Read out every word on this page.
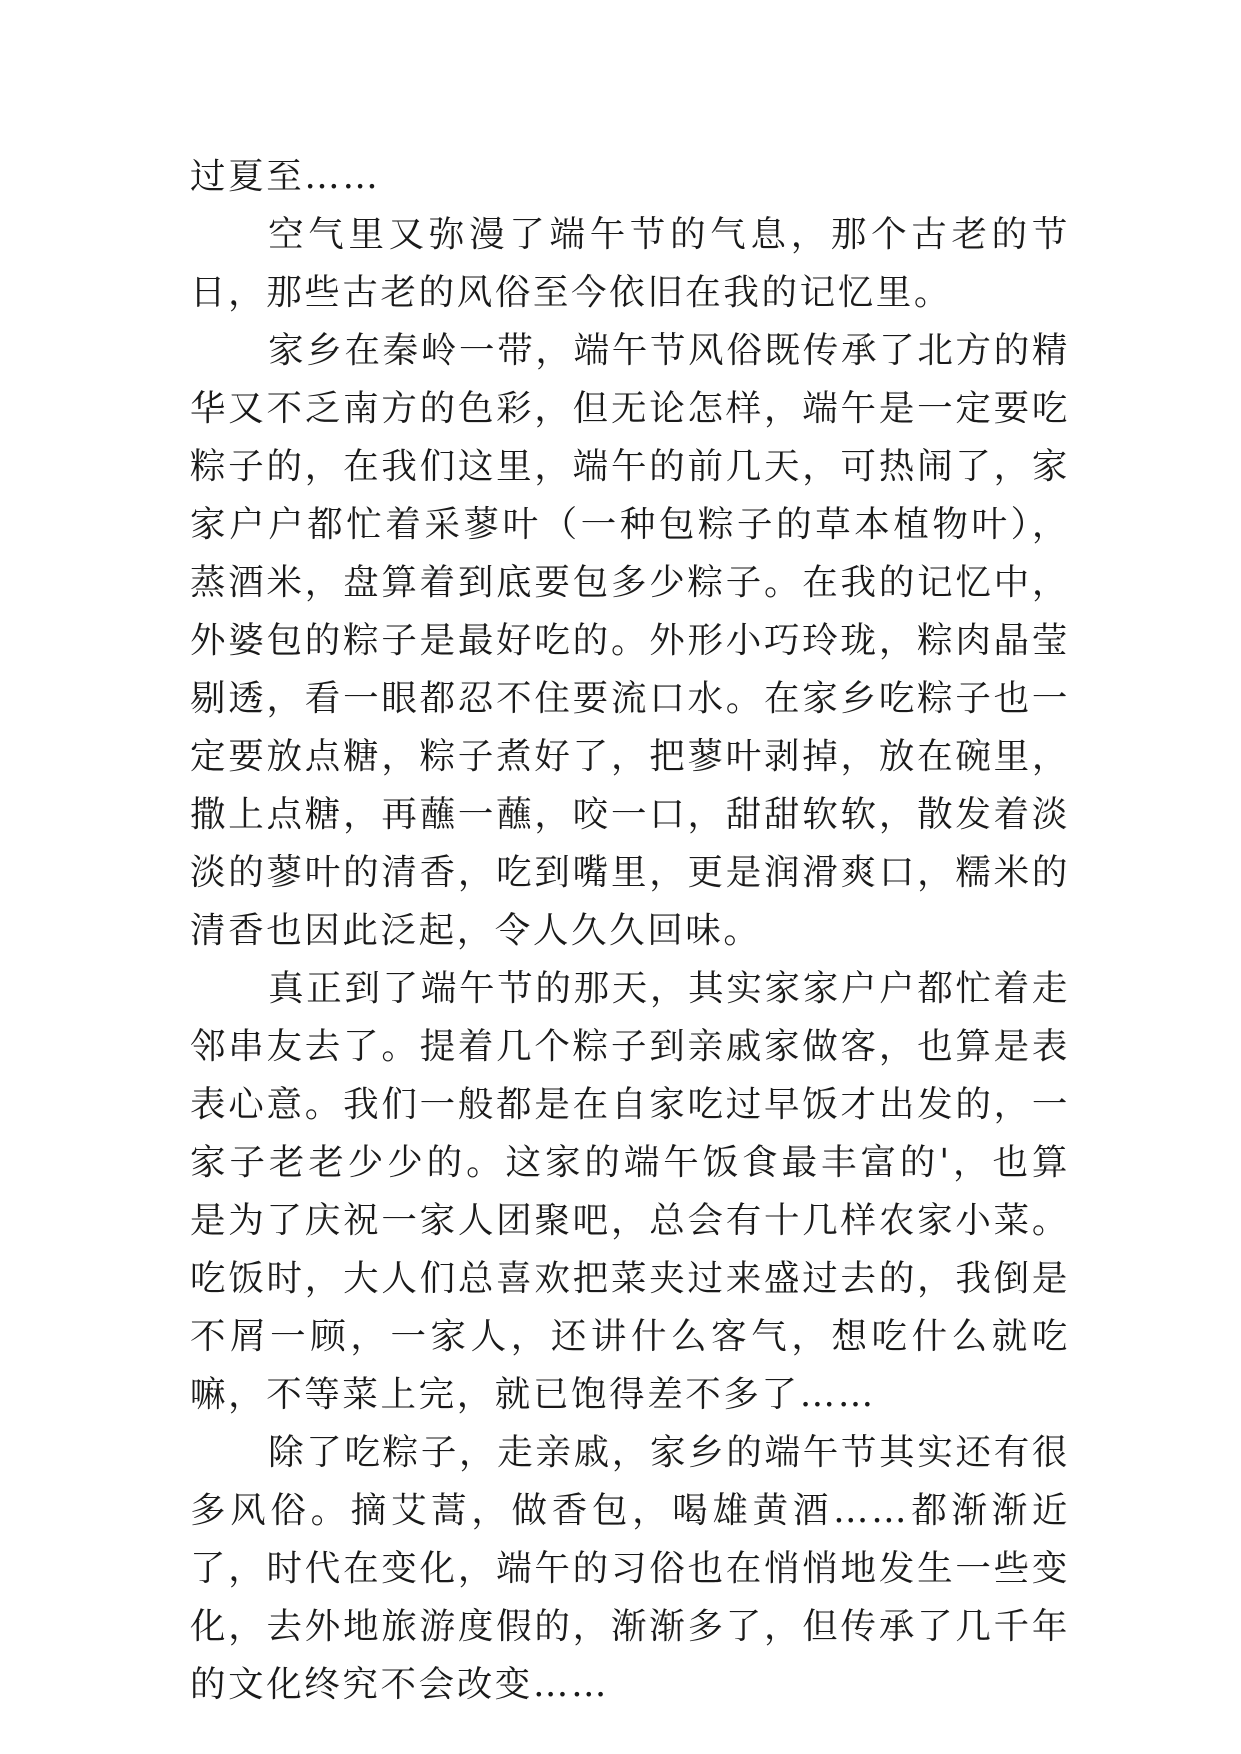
过夏至……

空气里又弥漫了端午节的气息，那个古老的节日，那些古老的风俗至今依旧在我的记忆里。

家乡在秦岭一带，端午节风俗既传承了北方的精华又不乏南方的色彩，但无论怎样，端午是一定要吃粽子的，在我们这里，端午的前几天，可热闹了，家家户户都忙着采蓼叶（一种包粽子的草本植物叶），蒸酒米，盘算着到底要包多少粽子。在我的记忆中，外婆包的粽子是最好吃的。外形小巧玲珑，粽肉晶莹剔透，看一眼都忍不住要流口水。在家乡吃粽子也一定要放点糖，粽子煮好了，把蓼叶剥掉，放在碗里，撒上点糖，再蘸一蘸，咬一口，甜甜软软，散发着淡淡的蓼叶的清香，吃到嘴里，更是润滑爽口，糯米的清香也因此泛起，令人久久回味。

真正到了端午节的那天，其实家家户户都忙着走邻串友去了。提着几个粽子到亲戚家做客，也算是表表心意。我们一般都是在自家吃过早饭才出发的，一家子老老少少的。这家的端午饭食最丰富的'，也算是为了庆祝一家人团聚吧，总会有十几样农家小菜。吃饭时，大人们总喜欢把菜夹过来盛过去的，我倒是不屑一顾，一家人，还讲什么客气，想吃什么就吃嘛，不等菜上完，就已饱得差不多了……

除了吃粽子，走亲戚，家乡的端午节其实还有很多风俗。摘艾蒿，做香包，喝雄黄酒……都渐渐近了，时代在变化，端午的习俗也在悄悄地发生一些变化，去外地旅游度假的，渐渐多了，但传承了几千年的文化终究不会改变……
